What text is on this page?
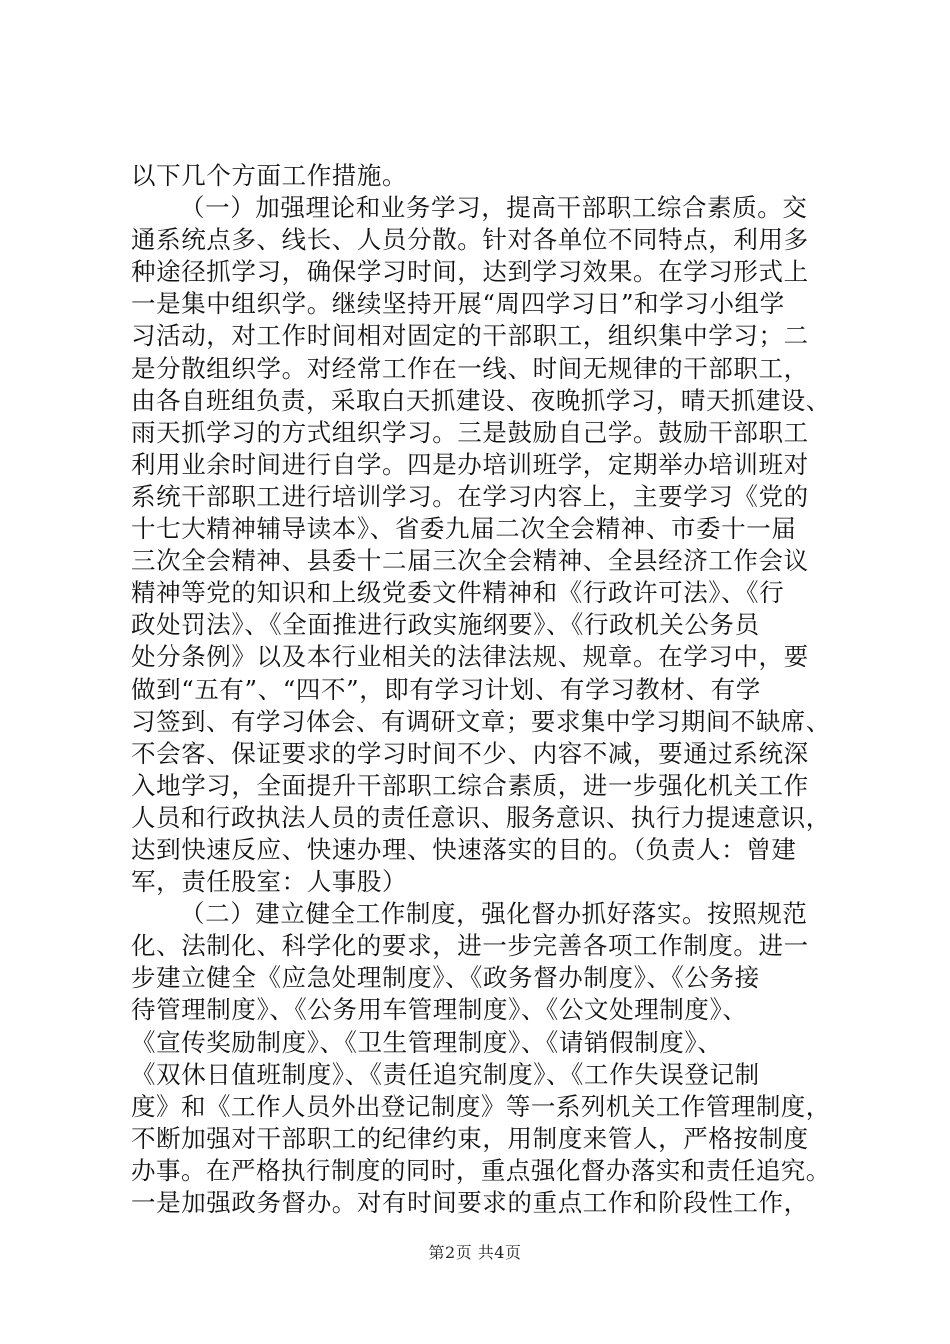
以下几个方面工作措施。
（一）加强理论和业务学习，提高干部职工综合素质。交
通系统点多、线长、人员分散。针对各单位不同特点，利用多
种途径抓学习，确保学习时间，达到学习效果。在学习形式上
一是集中组织学。继续坚持开展“周四学习日”和学习小组学
习活动，对工作时间相对固定的干部职工，组织集中学习；二
是分散组织学。对经常工作在一线、时间无规律的干部职工，
由各自班组负责，采取白天抓建设、夜晚抓学习，晴天抓建设、
雨天抓学习的方式组织学习。三是鼓励自己学。鼓励干部职工
利用业余时间进行自学。四是办培训班学，定期举办培训班对
系统干部职工进行培训学习。在学习内容上，主要学习《党的
十七大精神辅导读本》、省委九届二次全会精神、市委十一届
三次全会精神、县委十二届三次全会精神、全县经济工作会议
精神等党的知识和上级党委文件精神和《行政许可法》、《行
政处罚法》、《全面推进行政实施纲要》、《行政机关公务员
处分条例》以及本行业相关的法律法规、规章。在学习中，要
做到“五有”、“四不”，即有学习计划、有学习教材、有学
习签到、有学习体会、有调研文章；要求集中学习期间不缺席、
不会客、保证要求的学习时间不少、内容不减，要通过系统深
入地学习，全面提升干部职工综合素质，进一步强化机关工作
人员和行政执法人员的责任意识、服务意识、执行力提速意识，
达到快速反应、快速办理、快速落实的目的。（负责人：曾建
军，责任股室：人事股）
（二）建立健全工作制度，强化督办抓好落实。按照规范
化、法制化、科学化的要求，进一步完善各项工作制度。进一
步建立健全《应急处理制度》、《政务督办制度》、《公务接
待管理制度》、《公务用车管理制度》、《公文处理制度》、
《宣传奖励制度》、《卫生管理制度》、《请销假制度》、
《双休日值班制度》、《责任追究制度》、《工作失误登记制
度》和《工作人员外出登记制度》等一系列机关工作管理制度，
不断加强对干部职工的纪律约束，用制度来管人，严格按制度
办事。在严格执行制度的同时，重点强化督办落实和责任追究。
一是加强政务督办。对有时间要求的重点工作和阶段性工作，
第2页 共4页
